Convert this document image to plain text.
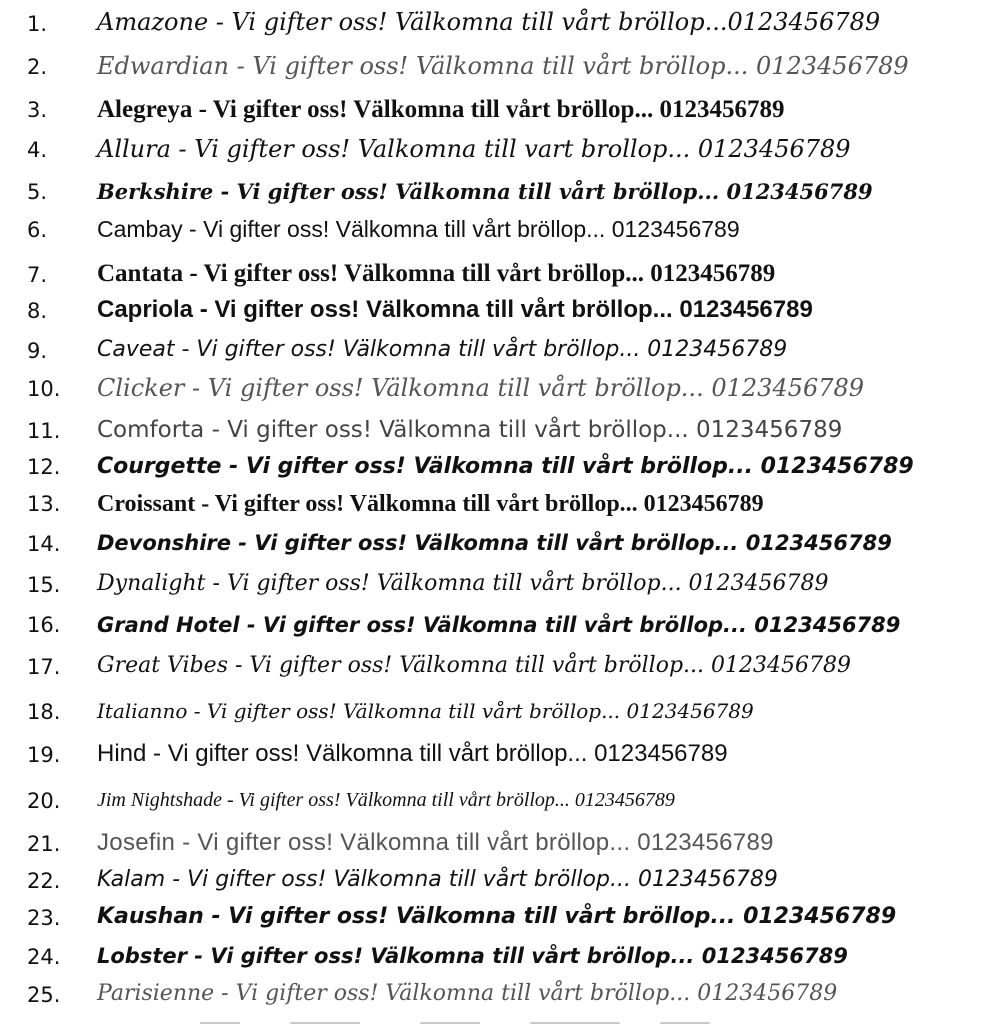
1. Amazone - Vi gifter oss! Välkomna till vårt bröllop...0123456789
2. Edwardian - Vi gifter oss! Välkomna till vårt bröllop... 0123456789
3. Alegreya - Vi gifter oss! Välkomna till vårt bröllop... 0123456789
4. Allura - Vi gifter oss! Valkomna till vart brollop... 0123456789
5. Berkshire - Vi gifter oss! Välkomna till vårt bröllop... 0123456789
6. Cambay - Vi gifter oss! Välkomna till vårt bröllop... 0123456789
7. Cantata - Vi gifter oss! Välkomna till vårt bröllop... 0123456789
8. Capriola - Vi gifter oss! Välkomna till vårt bröllop... 0123456789
9. Caveat - Vi gifter oss! Välkomna till vårt bröllop... 0123456789
10. Clicker - Vi gifter oss! Välkomna till vårt bröllop... 0123456789
11. Comforta - Vi gifter oss! Välkomna till vårt bröllop... 0123456789
12. Courgette - Vi gifter oss! Välkomna till vårt bröllop... 0123456789
13. Croissant - Vi gifter oss! Välkomna till vårt bröllop... 0123456789
14. Devonshire - Vi gifter oss! Välkomna till vårt bröllop... 0123456789
15. Dynalight - Vi gifter oss! Välkomna till vårt bröllop... 0123456789
16. Grand Hotel - Vi gifter oss! Välkomna till vårt bröllop... 0123456789
17. Great Vibes - Vi gifter oss! Välkomna till vårt bröllop... 0123456789
18. Italianno - Vi gifter oss! Välkomna till vårt bröllop... 0123456789
19. Hind - Vi gifter oss! Välkomna till vårt bröllop... 0123456789
20. Jim Nightshade - Vi gifter oss! Välkomna till vårt bröllop... 0123456789
21. Josefin - Vi gifter oss! Välkomna till vårt bröllop... 0123456789
22. Kalam - Vi gifter oss! Välkomna till vårt bröllop... 0123456789
23. Kaushan - Vi gifter oss! Välkomna till vårt bröllop... 0123456789
24. Lobster - Vi gifter oss! Välkomna till vårt bröllop... 0123456789
25. Parisienne - Vi gifter oss! Välkomna till vårt bröllop... 0123456789
